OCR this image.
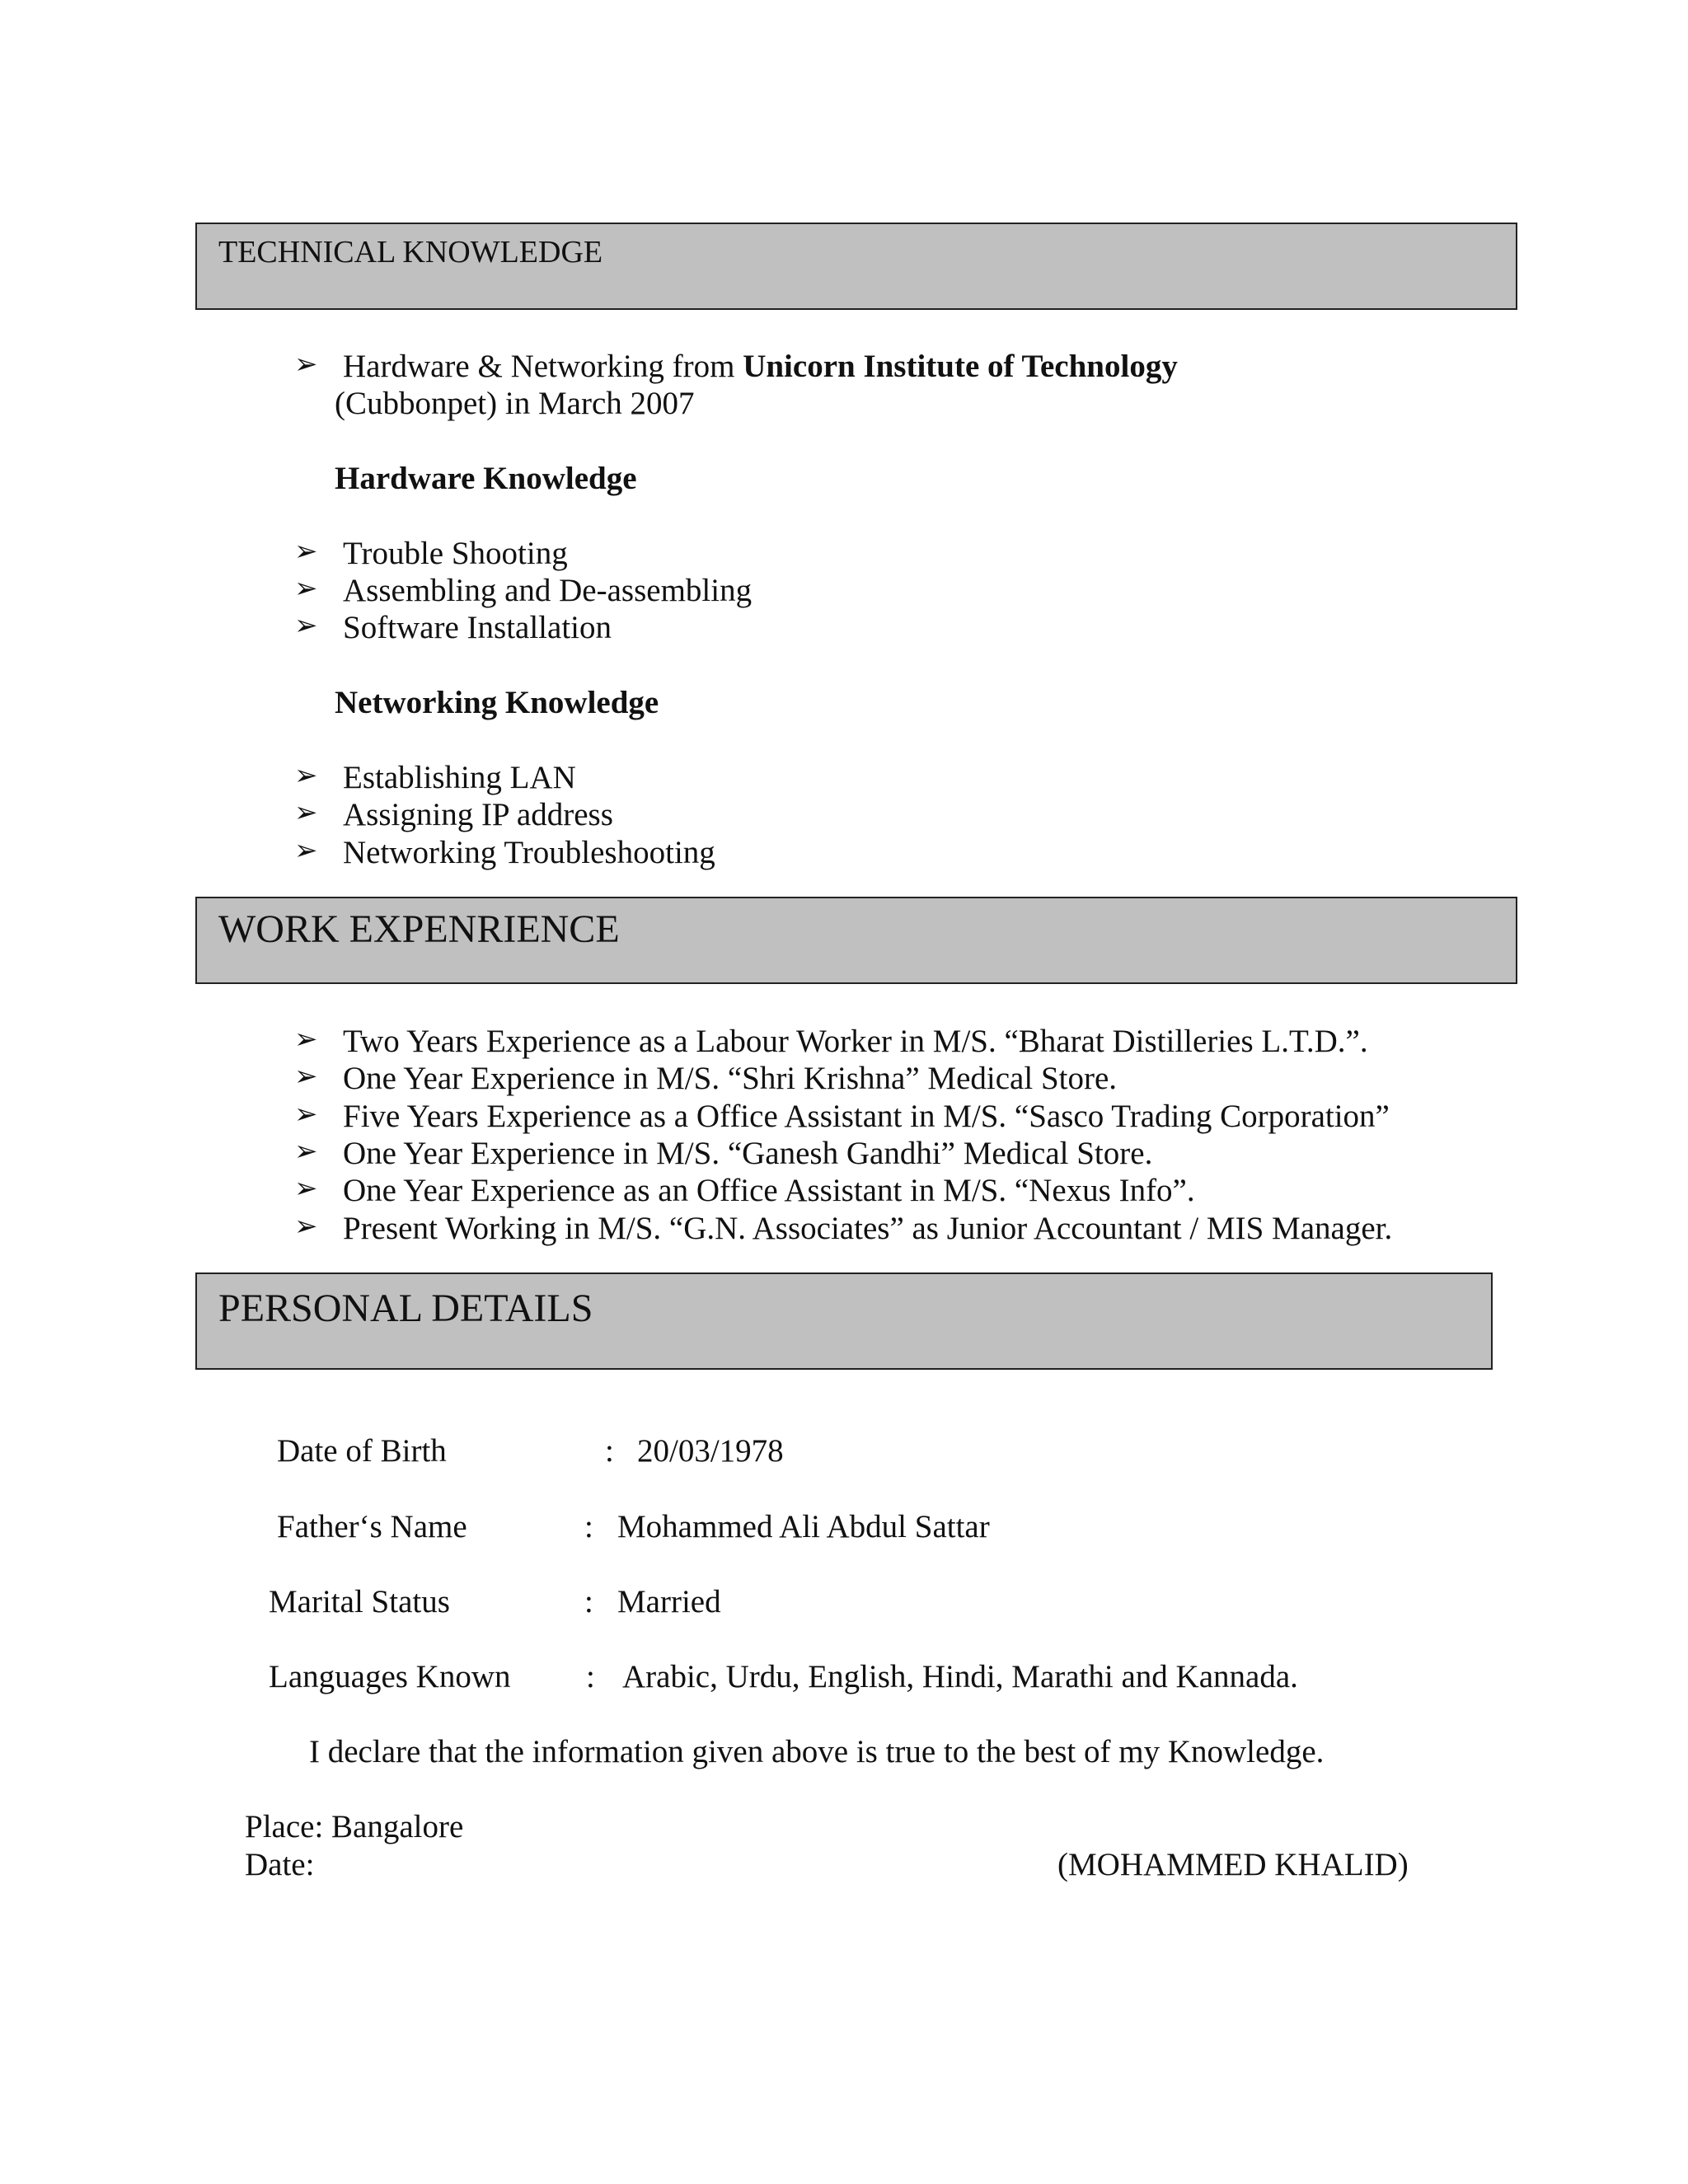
TECHNICAL KNOWLEDGE
➢ Hardware & Networking from Unicorn Institute of Technology
(Cubbonpet) in March 2007
Hardware Knowledge
➢ Trouble Shooting
➢ Assembling and De-assembling
➢ Software Installation
Networking Knowledge
➢ Establishing LAN
➢ Assigning IP address
➢ Networking Troubleshooting
WORK EXPENRIENCE
➢ Two Years Experience as a Labour Worker in M/S. “Bharat Distilleries L.T.D.”.
➢ One Year Experience in M/S. “Shri Krishna” Medical Store.
➢ Five Years Experience as a Office Assistant in M/S. “Sasco Trading Corporation”
➢ One Year Experience in M/S. “Ganesh Gandhi” Medical Store.
➢ One Year Experience as an Office Assistant in M/S. “Nexus Info”.
➢ Present Working in M/S. “G.N. Associates” as Junior Accountant / MIS Manager.
PERSONAL DETAILS
Date of Birth	: 20/03/1978
Father‘s Name	: Mohammed Ali Abdul Sattar
Marital Status	: Married
Languages Known : Arabic, Urdu, English, Hindi, Marathi and Kannada.
I declare that the information given above is true to the best of my Knowledge.
Place: Bangalore
Date:	(MOHAMMED KHALID)
